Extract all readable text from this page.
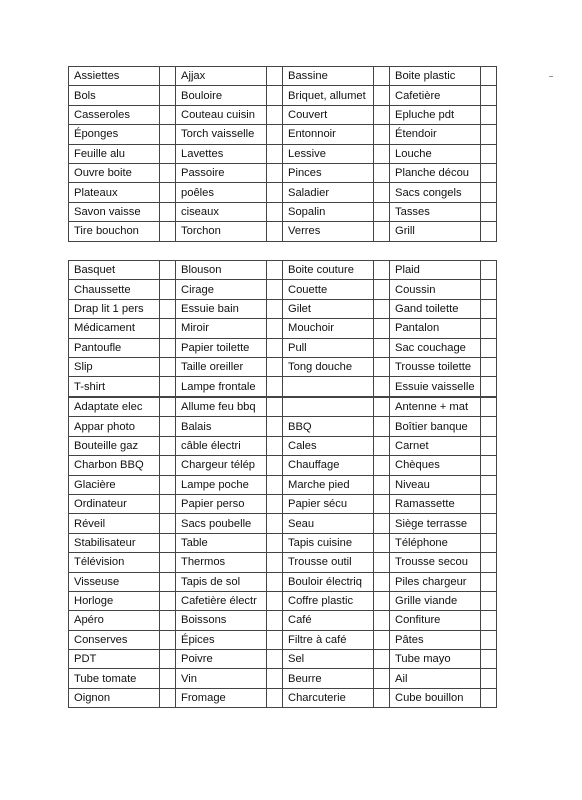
Assiettes		Ajjax		Bassine		Boite plastic	
Bols		Bouloire		Briquet, allumet		Cafetière	
Casseroles		Couteau cuisin		Couvert		Epluche pdt	
Éponges		Torch vaisselle		Entonnoir		Étendoir	
Feuille alu		Lavettes		Lessive		Louche	
Ouvre boite		Passoire		Pinces		Planche décou	
Plateaux		poêles		Saladier		Sacs congels	
Savon vaisse		ciseaux		Sopalin		Tasses	
Tire bouchon		Torchon		Verres		Grill	
Basquet		Blouson		Boite couture		Plaid	
Chaussette		Cirage		Couette		Coussin	
Drap lit 1 pers		Essuie bain		Gilet		Gand toilette	
Médicament		Miroir		Mouchoir		Pantalon	
Pantoufle		Papier toilette		Pull		Sac couchage	
Slip		Taille oreiller		Tong douche		Trousse toilette	
T-shirt		Lampe frontale				Essuie vaisselle	
Adaptate elec		Allume feu bbq				Antenne + mat	
Appar photo		Balais		BBQ		Boîtier banque	
Bouteille gaz		câble électri		Cales		Carnet	
Charbon BBQ		Chargeur télép		Chauffage		Chèques	
Glacière		Lampe poche		Marche pied		Niveau	
Ordinateur		Papier perso		Papier sécu		Ramassette	
Réveil		Sacs poubelle		Seau		Siège terrasse	
Stabilisateur		Table		Tapis cuisine		Téléphone	
Télévision		Thermos		Trousse outil		Trousse secou	
Visseuse		Tapis de sol		Bouloir électriq		Piles chargeur	
Horloge		Cafetière électr		Coffre plastic		Grille viande	
Apéro		Boissons		Café		Confiture	
Conserves		Épices		Filtre à café		Pâtes	
PDT		Poivre		Sel		Tube mayo	
Tube tomate		Vin		Beurre		Ail	
Oignon		Fromage		Charcuterie		Cube bouillon	
